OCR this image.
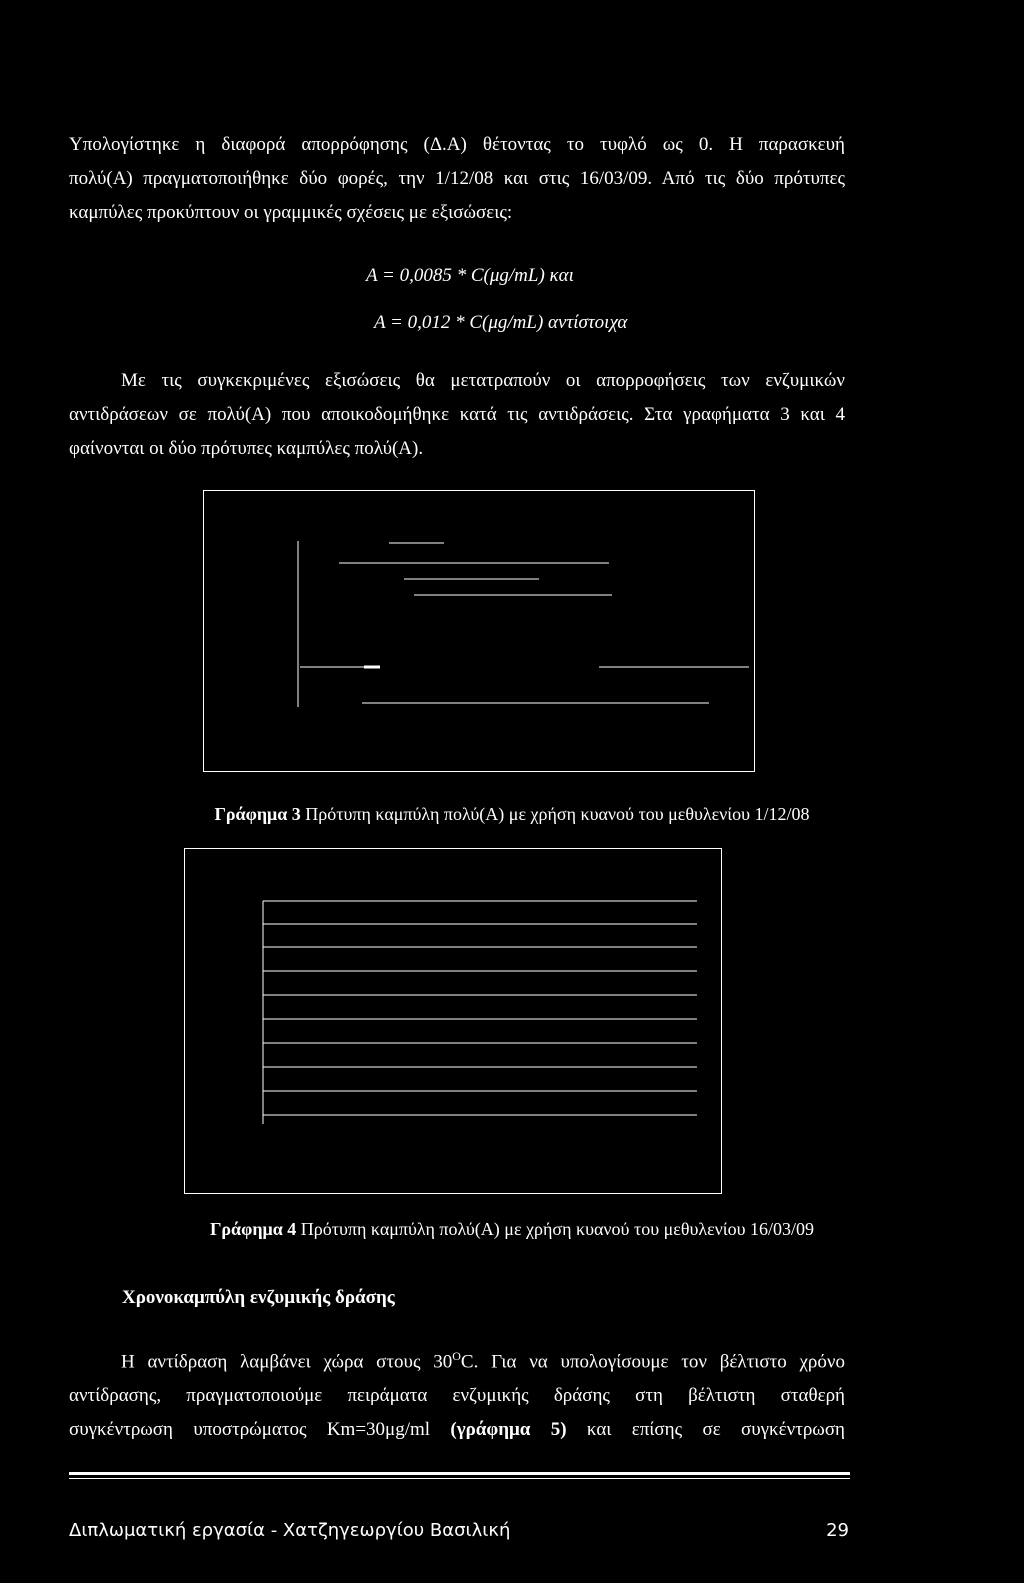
Υπολογίστηκε η διαφορά απορρόφησης (Δ.Α) θέτοντας το τυφλό ως 0. Η παρασκευή
πολύ(Α) πραγματοποιήθηκε δύο φορές, την 1/12/08 και στις 16/03/09. Από τις δύο πρότυπες
καμπύλες προκύπτουν οι γραμμικές σχέσεις με εξισώσεις:

A = 0,0085 * C(μg/mL) και

A = 0,012 * C(μg/mL) αντίστοιχα

Με τις συγκεκριμένες εξισώσεις θα μετατραπούν οι απορροφήσεις των ενζυμικών
αντιδράσεων σε πολύ(Α) που αποικοδομήθηκε κατά τις αντιδράσεις. Στα γραφήματα 3 και 4
φαίνονται οι δύο πρότυπες καμπύλες πολύ(Α).

Γράφημα 3 Πρότυπη καμπύλη πολύ(Α) με χρήση κυανού του μεθυλενίου 1/12/08

Γράφημα 4 Πρότυπη καμπύλη πολύ(Α) με χρήση κυανού του μεθυλενίου 16/03/09

Χρονοκαμπύλη ενζυμικής δράσης

Η αντίδραση λαμβάνει χώρα στους $30^OC$. Για να υπολογίσουμε τον βέλτιστο χρόνο
αντίδρασης, πραγματοποιούμε πειράματα ενζυμικής δράσης στη βέλτιστη σταθερή
συγκέντρωση υποστρώματος Km=30μg/ml (γράφημα 5) και επίσης σε συγκέντρωση
Διπλωματική εργασία - Χατζηγεωργίου Βασιλική	29
